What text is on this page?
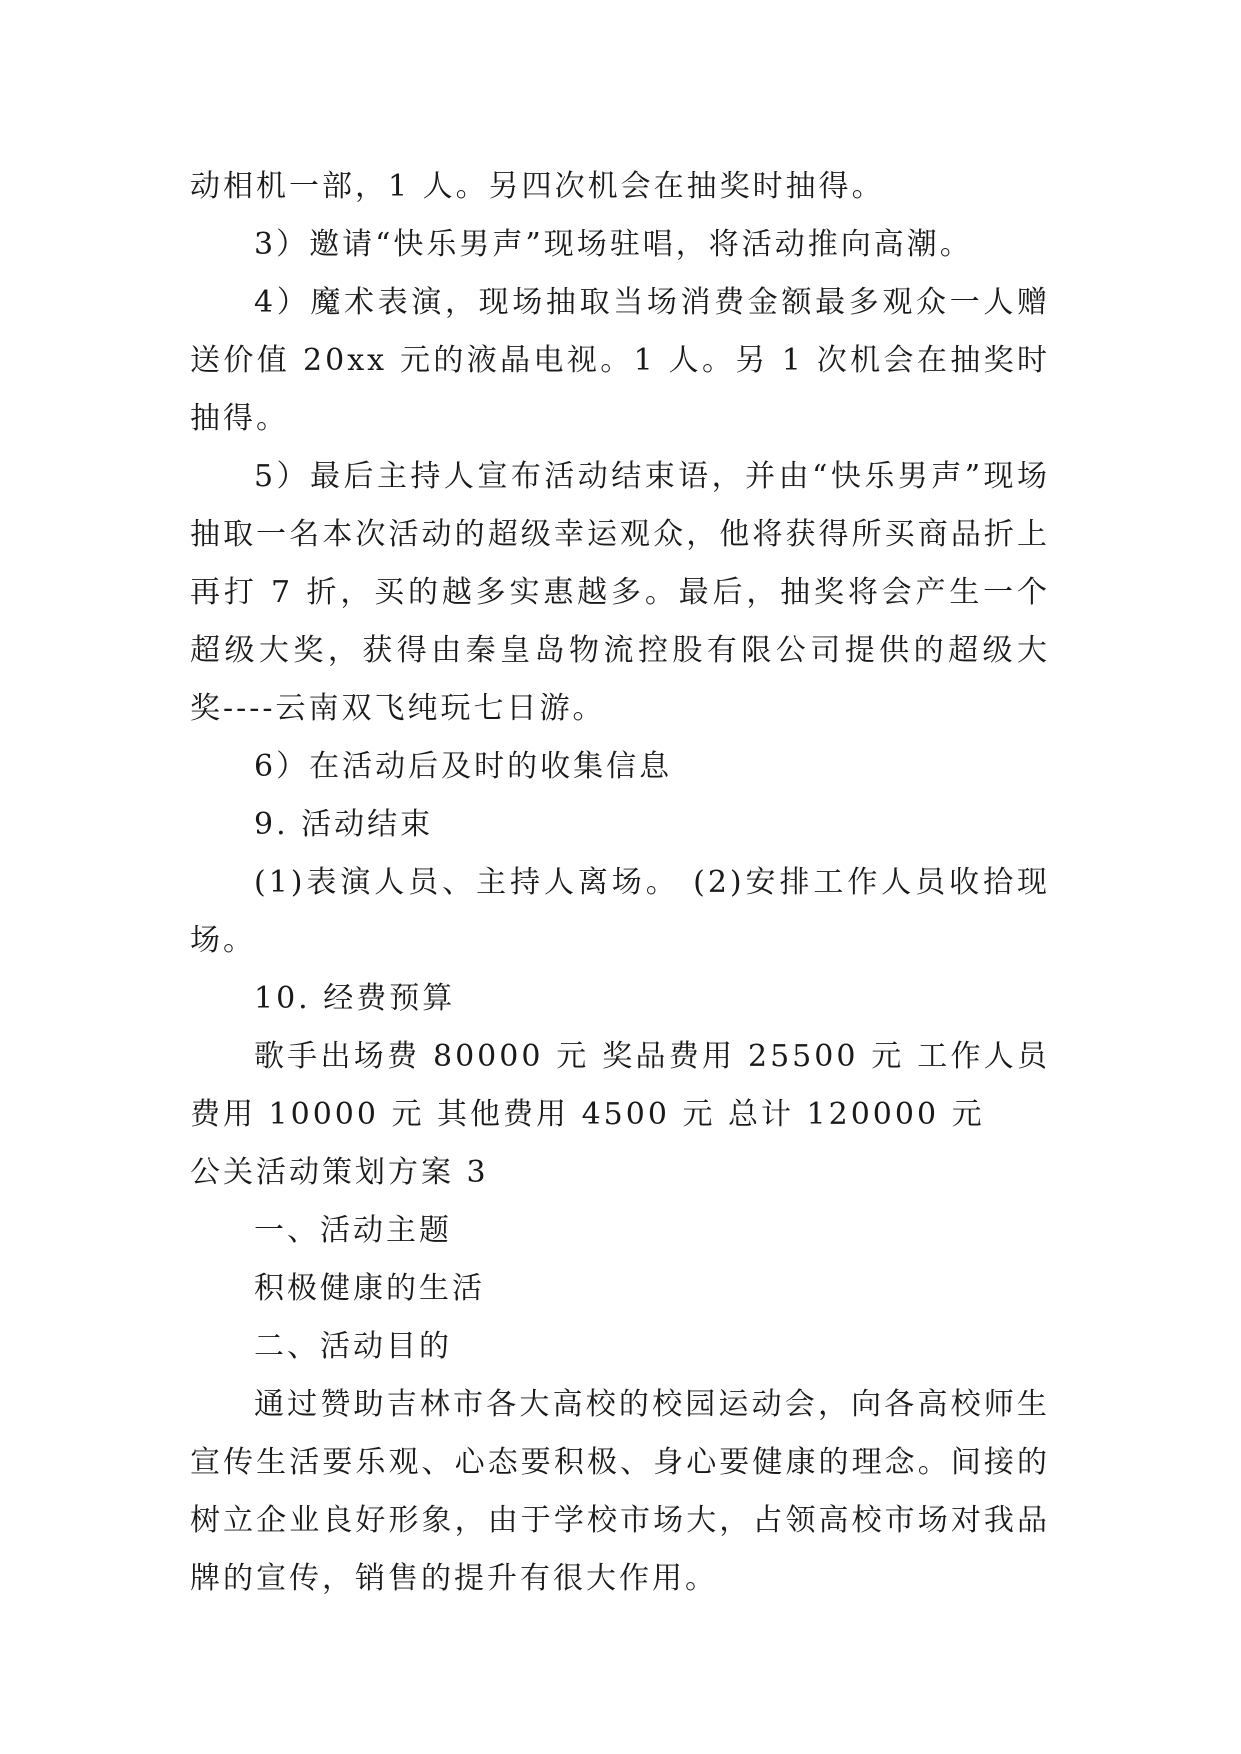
动相机一部，1 人。另四次机会在抽奖时抽得。

3）邀请“快乐男声”现场驻唱，将活动推向高潮。

4）魔术表演，现场抽取当场消费金额最多观众一人赠送价值 20xx 元的液晶电视。1 人。另 1 次机会在抽奖时抽得。

5）最后主持人宣布活动结束语，并由“快乐男声”现场抽取一名本次活动的超级幸运观众，他将获得所买商品折上再打 7 折，买的越多实惠越多。最后，抽奖将会产生一个超级大奖，获得由秦皇岛物流控股有限公司提供的超级大奖----云南双飞纯玩七日游。

6）在活动后及时的收集信息

9. 活动结束

(1)表演人员、主持人离场。 (2)安排工作人员收拾现场。

10. 经费预算

歌手出场费 80000 元 奖品费用 25500 元 工作人员费用 10000 元 其他费用 4500 元 总计 120000 元

公关活动策划方案 3

一、活动主题

积极健康的生活

二、活动目的

通过赞助吉林市各大高校的校园运动会，向各高校师生宣传生活要乐观、心态要积极、身心要健康的理念。间接的树立企业良好形象，由于学校市场大，占领高校市场对我品牌的宣传，销售的提升有很大作用。
